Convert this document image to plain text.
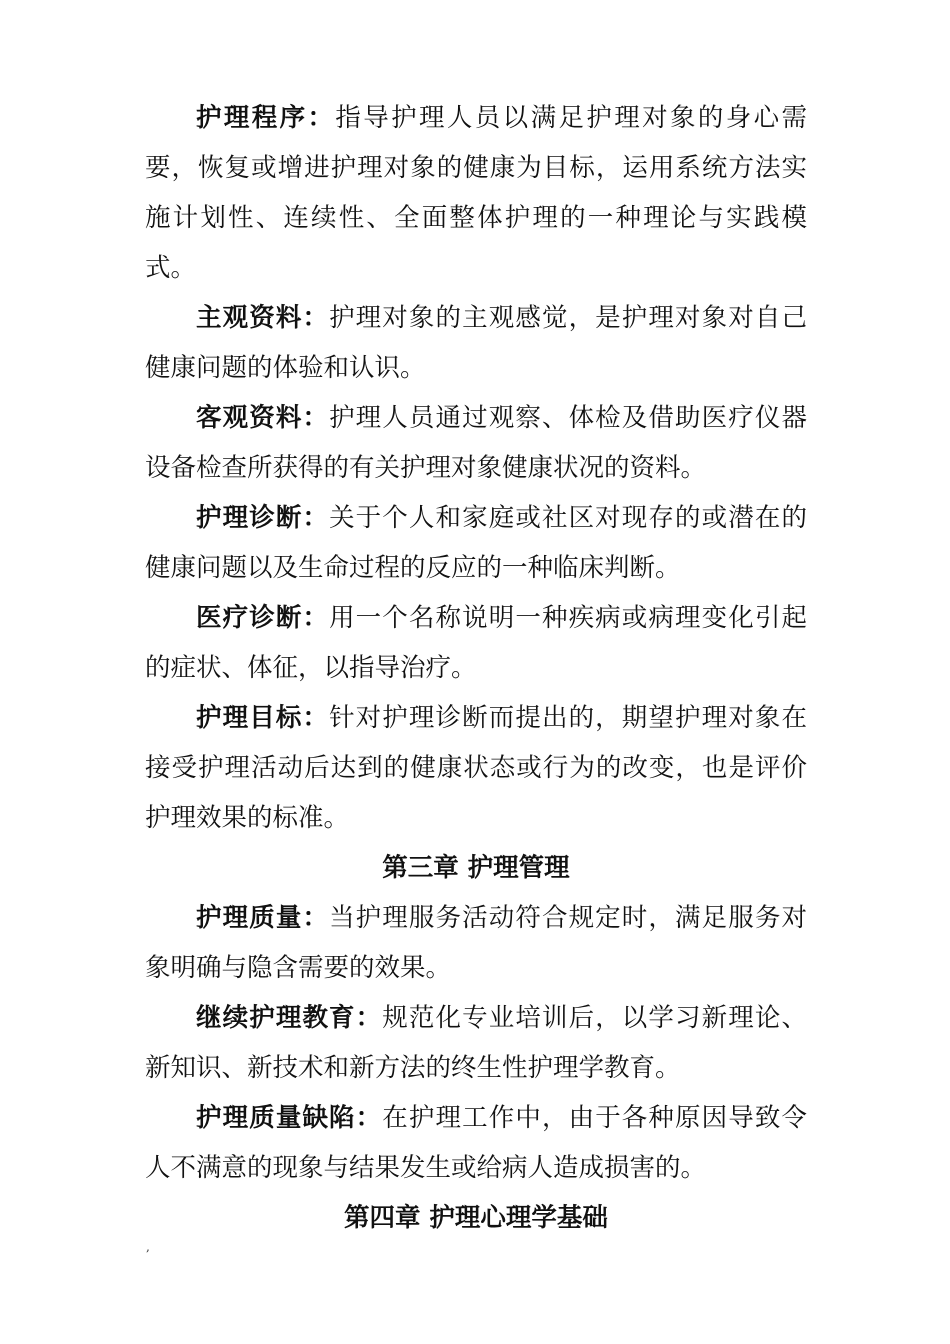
护理程序：指导护理人员以满足护理对象的身心需要，恢复或增进护理对象的健康为目标，运用系统方法实施计划性、连续性、全面整体护理的一种理论与实践模式。

主观资料：护理对象的主观感觉，是护理对象对自己健康问题的体验和认识。

客观资料：护理人员通过观察、体检及借助医疗仪器设备检查所获得的有关护理对象健康状况的资料。

护理诊断：关于个人和家庭或社区对现存的或潜在的健康问题以及生命过程的反应的一种临床判断。

医疗诊断：用一个名称说明一种疾病或病理变化引起的症状、体征，以指导治疗。

护理目标：针对护理诊断而提出的，期望护理对象在接受护理活动后达到的健康状态或行为的改变，也是评价护理效果的标准。

第三章 护理管理

护理质量：当护理服务活动符合规定时，满足服务对象明确与隐含需要的效果。

继续护理教育：规范化专业培训后，以学习新理论、新知识、新技术和新方法的终生性护理学教育。

护理质量缺陷：在护理工作中，由于各种原因导致令人不满意的现象与结果发生或给病人造成损害的。

第四章 护理心理学基础

,
